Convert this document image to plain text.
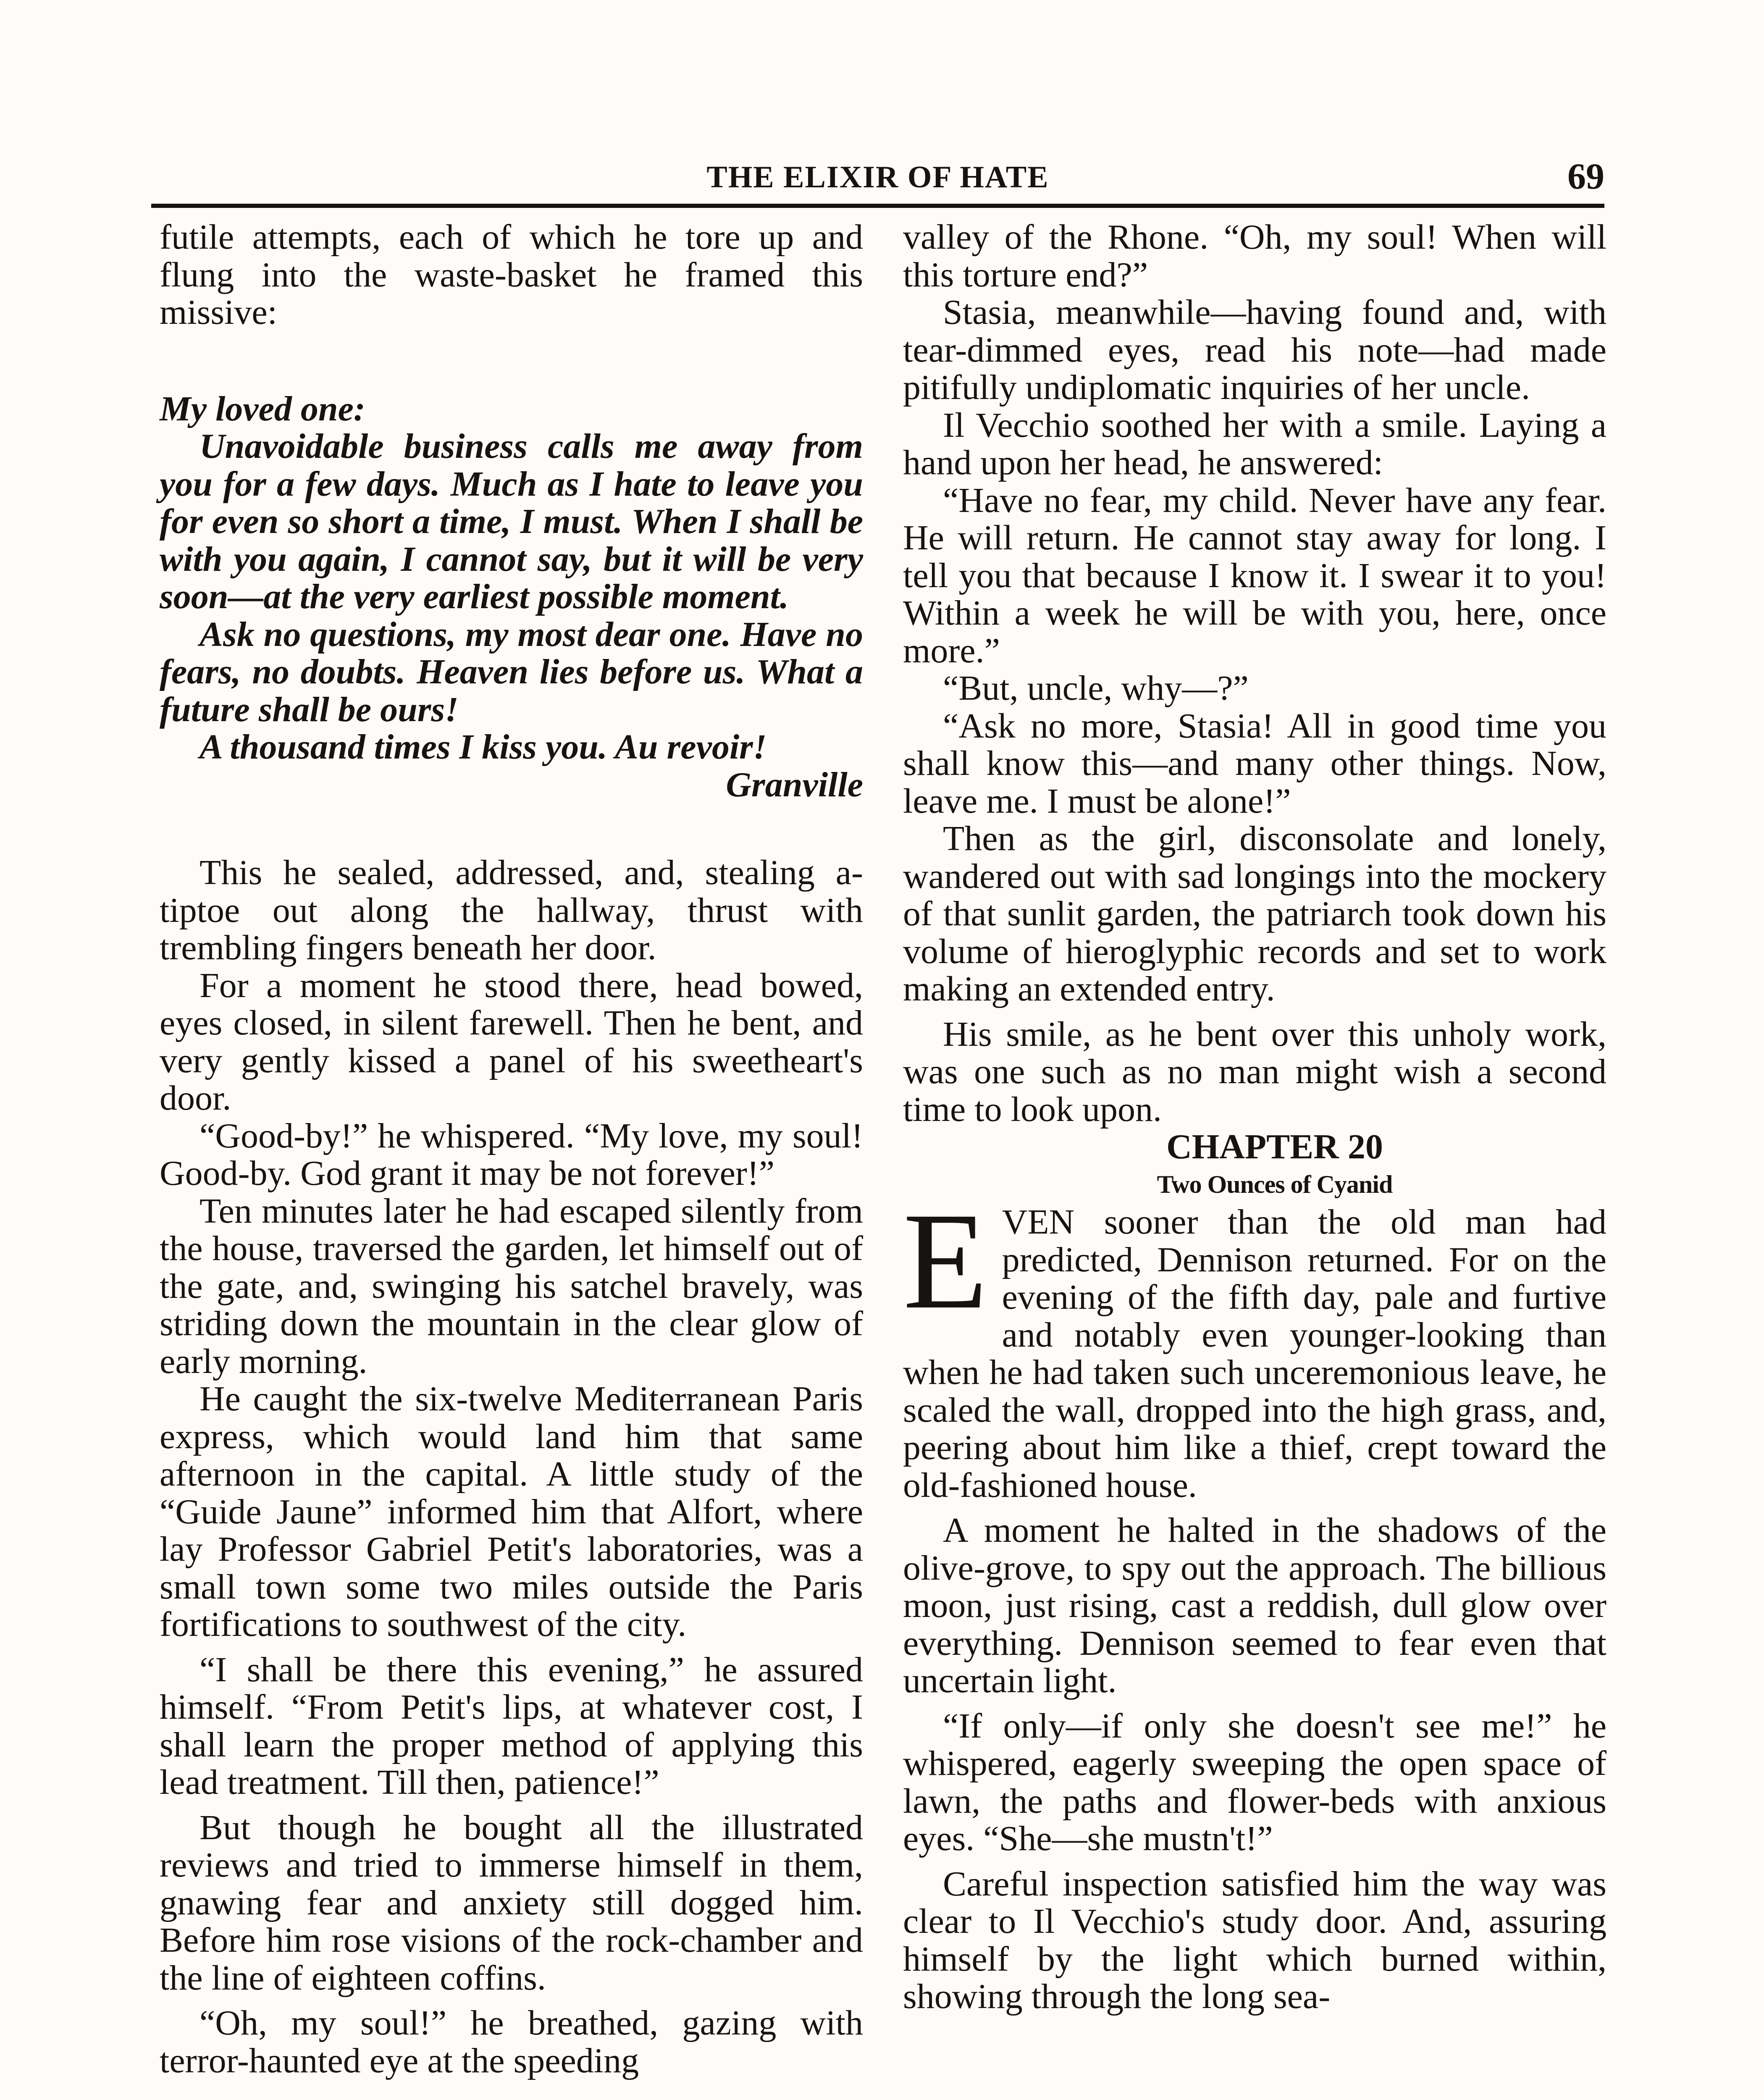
THE ELIXIR OF HATE	69

futile attempts, each of which he tore up and flung into the waste-basket he framed this missive:

My loved one:

Unavoidable business calls me away from you for a few days. Much as I hate to leave you for even so short a time, I must. When I shall be with you again, I cannot say, but it will be very soon—at the very earliest possible moment.

Ask no questions, my most dear one. Have no fears, no doubts. Heaven lies before us. What a future shall be ours!

A thousand times I kiss you. Au revoir!

Granville

This he sealed, addressed, and, stealing a-tiptoe out along the hallway, thrust with trembling fingers beneath her door.

For a moment he stood there, head bowed, eyes closed, in silent farewell. Then he bent, and very gently kissed a panel of his sweetheart's door.

“Good-by!” he whispered. “My love, my soul! Good-by. God grant it may be not forever!”

Ten minutes later he had escaped silently from the house, traversed the garden, let himself out of the gate, and, swinging his satchel bravely, was striding down the mountain in the clear glow of early morning.

He caught the six-twelve Mediterranean Paris express, which would land him that same afternoon in the capital. A little study of the “Guide Jaune” informed him that Alfort, where lay Professor Gabriel Petit's laboratories, was a small town some two miles outside the Paris fortifications to southwest of the city.

“I shall be there this evening,” he assured himself. “From Petit's lips, at whatever cost, I shall learn the proper method of applying this lead treatment. Till then, patience!”

But though he bought all the illustrated reviews and tried to immerse himself in them, gnawing fear and anxiety still dogged him. Before him rose visions of the rock-chamber and the line of eighteen coffins.

“Oh, my soul!” he breathed, gazing with terror-haunted eye at the speeding

valley of the Rhone. “Oh, my soul! When will this torture end?”

Stasia, meanwhile—having found and, with tear-dimmed eyes, read his note—had made pitifully undiplomatic inquiries of her uncle.

Il Vecchio soothed her with a smile. Laying a hand upon her head, he answered:

“Have no fear, my child. Never have any fear. He will return. He cannot stay away for long. I tell you that because I know it. I swear it to you! Within a week he will be with you, here, once more.”

“But, uncle, why—?”

“Ask no more, Stasia! All in good time you shall know this—and many other things. Now, leave me. I must be alone!”

Then as the girl, disconsolate and lonely, wandered out with sad longings into the mockery of that sunlit garden, the patriarch took down his volume of hieroglyphic records and set to work making an extended entry.

His smile, as he bent over this unholy work, was one such as no man might wish a second time to look upon.

CHAPTER 20

Two Ounces of Cyanid

EVEN sooner than the old man had predicted, Dennison returned. For on the evening of the fifth day, pale and furtive and notably even younger-looking than when he had taken such unceremonious leave, he scaled the wall, dropped into the high grass, and, peering about him like a thief, crept toward the old-fashioned house.

A moment he halted in the shadows of the olive-grove, to spy out the approach. The billious moon, just rising, cast a reddish, dull glow over everything. Dennison seemed to fear even that uncertain light.

“If only—if only she doesn't see me!” he whispered, eagerly sweeping the open space of lawn, the paths and flower-beds with anxious eyes. “She—she mustn't!”

Careful inspection satisfied him the way was clear to Il Vecchio's study door. And, assuring himself by the light which burned within, showing through the long sea-
